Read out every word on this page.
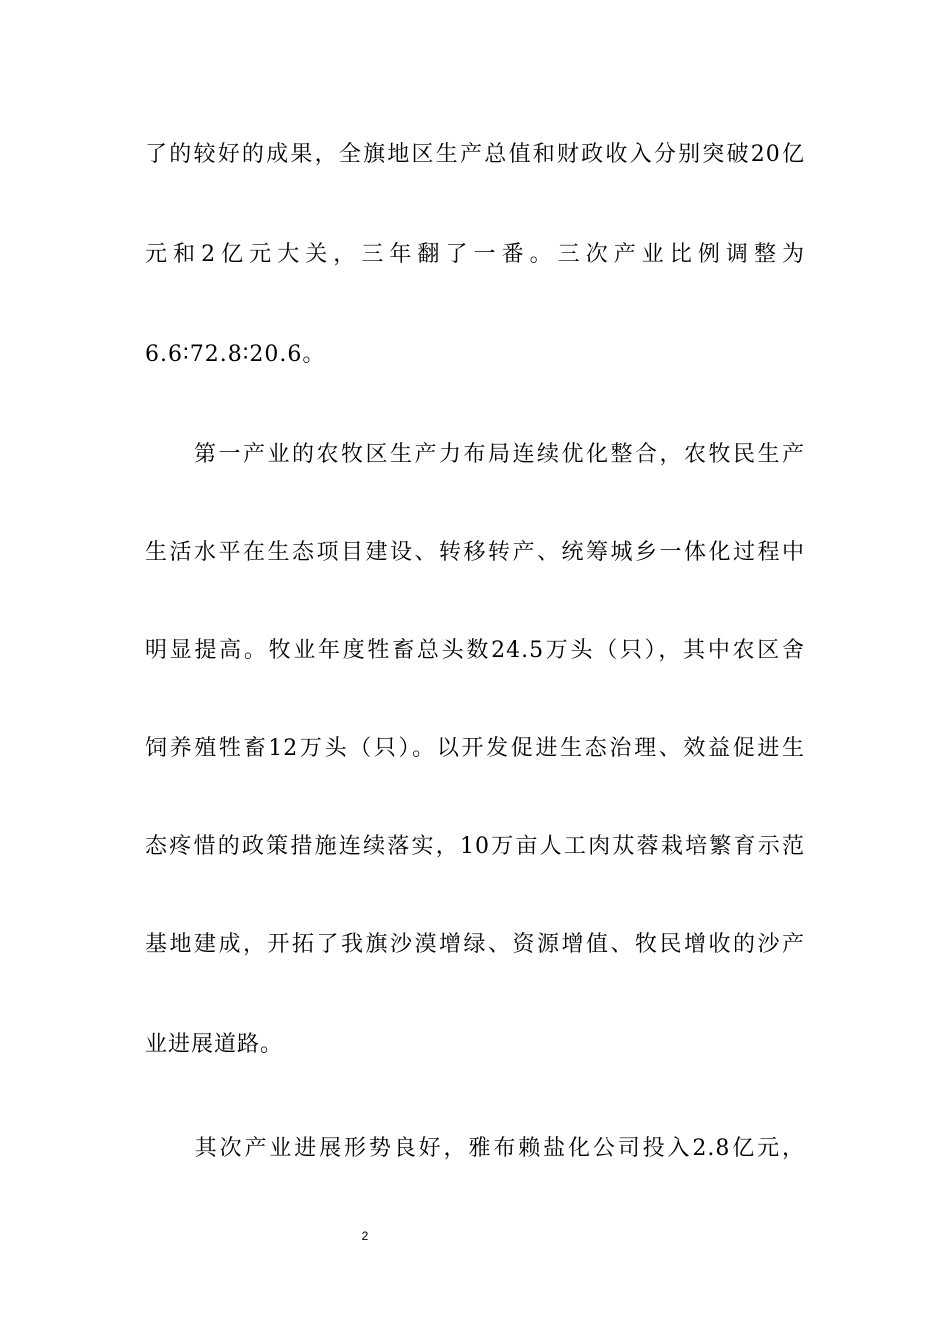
了的较好的成果，全旗地区生产总值和财政收入分别突破20亿
元和2亿元大关，三年翻了一番。三次产业比例调整为
6.6∶72.8∶20.6。
　　第一产业的农牧区生产力布局连续优化整合，农牧民生产
生活水平在生态项目建设、转移转产、统筹城乡一体化过程中
明显提高。牧业年度牲畜总头数24.5万头（只），其中农区舍
饲养殖牲畜12万头（只）。以开发促进生态治理、效益促进生
态疼惜的政策措施连续落实，10万亩人工肉苁蓉栽培繁育示范
基地建成，开拓了我旗沙漠增绿、资源增值、牧民增收的沙产
业进展道路。
　　其次产业进展形势良好，雅布赖盐化公司投入2.8亿元，
2
